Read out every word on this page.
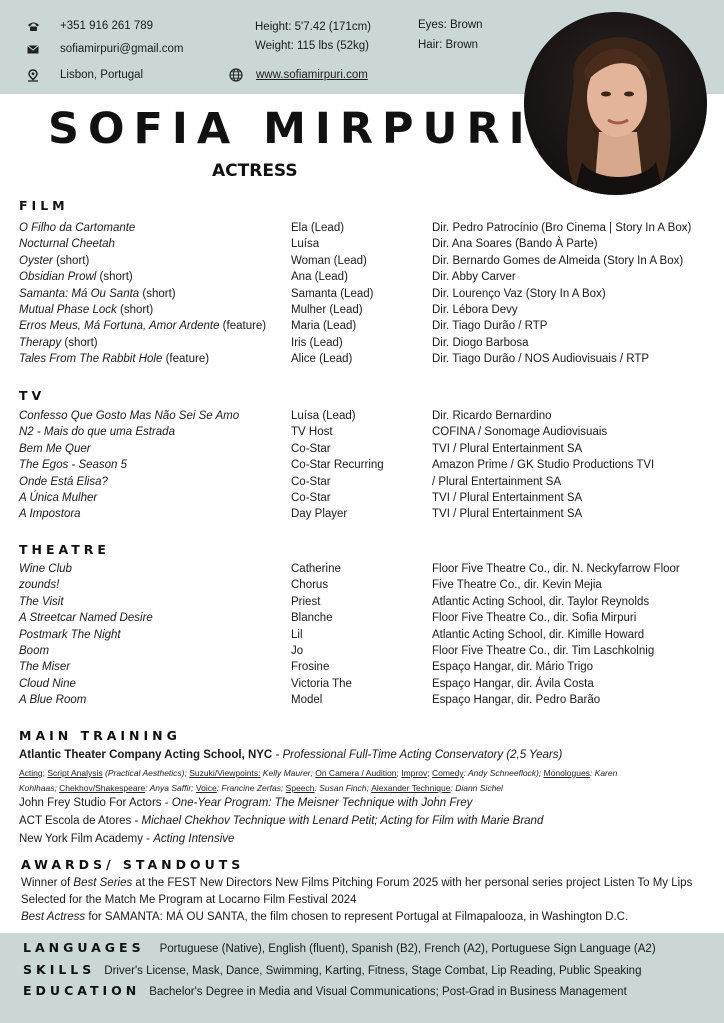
+351 916 261 789
sofiamirpuri@gmail.com
Lisbon, Portugal
Height: 5'7.42 (171cm)
Weight: 115 lbs (52kg)
Eyes: Brown
Hair: Brown
www.sofiamirpuri.com
SOFIA MIRPURI
ACTRESS
FILM
O Filho da Cartomante	Ela (Lead)	Dir. Pedro Patrocínio (Bro Cinema | Story In A Box)
Nocturnal Cheetah	Luísa	Dir. Ana Soares (Bando À Parte)
Oyster (short)	Woman (Lead)	Dir. Bernardo Gomes de Almeida (Story In A Box)
Obsidian Prowl (short)	Ana (Lead)	Dir. Abby Carver
Samanta: Má Ou Santa (short)	Samanta (Lead)	Dir. Lourenço Vaz (Story In A Box)
Mutual Phase Lock (short)	Mulher (Lead)	Dir. Lébora Devy
Erros Meus, Má Fortuna, Amor Ardente (feature) Maria (Lead)	Dir. Tiago Durão / RTP
Therapy (short)	Iris (Lead)	Dir. Diogo Barbosa
Tales From The Rabbit Hole (feature)	Alice (Lead)	Dir. Tiago Durão / NOS Audiovisuais / RTP
TV
Confesso Que Gosto Mas Não Sei Se Amo	Luísa (Lead)	Dir. Ricardo Bernardino
N2 - Mais do que uma Estrada	TV Host	COFINA / Sonomage Audiovisuais
Bem Me Quer	Co-Star	TVI / Plural Entertainment SA
The Egos - Season 5	Co-Star Recurring	Amazon Prime / GK Studio Productions TVI
Onde Está Elisa?	Co-Star	/ Plural Entertainment SA
A Única Mulher	Co-Star	TVI / Plural Entertainment SA
A Impostora	Day Player	TVI / Plural Entertainment SA
THEATRE
Wine Club	Catherine	Floor Five Theatre Co., dir. N. Neckyfarrow Floor
zounds!	Chorus	Five Theatre Co., dir. Kevin Mejia
The Visit	Priest	Atlantic Acting School, dir. Taylor Reynolds
A Streetcar Named Desire	Blanche	Floor Five Theatre Co., dir. Sofia Mirpuri
Postmark The Night	Lil	Atlantic Acting School, dir. Kimille Howard
Boom	Jo	Floor Five Theatre Co., dir. Tim Laschkolnig
The Miser	Frosine	Espaço Hangar, dir. Mário Trigo
Cloud Nine	Victoria The	Espaço Hangar, dir. Ávila Costa
A Blue Room	Model	Espaço Hangar, dir. Pedro Barão
MAIN TRAINING
Atlantic Theater Company Acting School, NYC - Professional Full-Time Acting Conservatory (2,5 Years)
Acting; Script Analysis (Practical Aesthetics); Suzuki/Viewpoints: Kelly Maurer; On Camera / Audition; Improv; Comedy: Andy Schneeflock); Monologues: Karen
Kohlhaas; Chekhov/Shakespeare: Anya Saffir; Voice: Francine Zerfas; Speech: Susan Finch; Alexander Technique: Diann Sichel
John Frey Studio For Actors - One-Year Program: The Meisner Technique with John Frey
ACT Escola de Atores - Michael Chekhov Technique with Lenard Petit; Acting for Film with Marie Brand
New York Film Academy - Acting Intensive
AWARDS/ STANDOUTS
Winner of Best Series at the FEST New Directors New Films Pitching Forum 2025 with her personal series project Listen To My Lips
Selected for the Match Me Program at Locarno Film Festival 2024
Best Actress for SAMANTA: MÁ OU SANTA, the film chosen to represent Portugal at Filmapalooza, in Washington D.C.
LANGUAGES Portuguese (Native), English (fluent), Spanish (B2), French (A2), Portuguese Sign Language (A2)
SKILLS Driver's License, Mask, Dance, Swimming, Karting, Fitness, Stage Combat, Lip Reading, Public Speaking
EDUCATION Bachelor's Degree in Media and Visual Communications; Post-Grad in Business Management
